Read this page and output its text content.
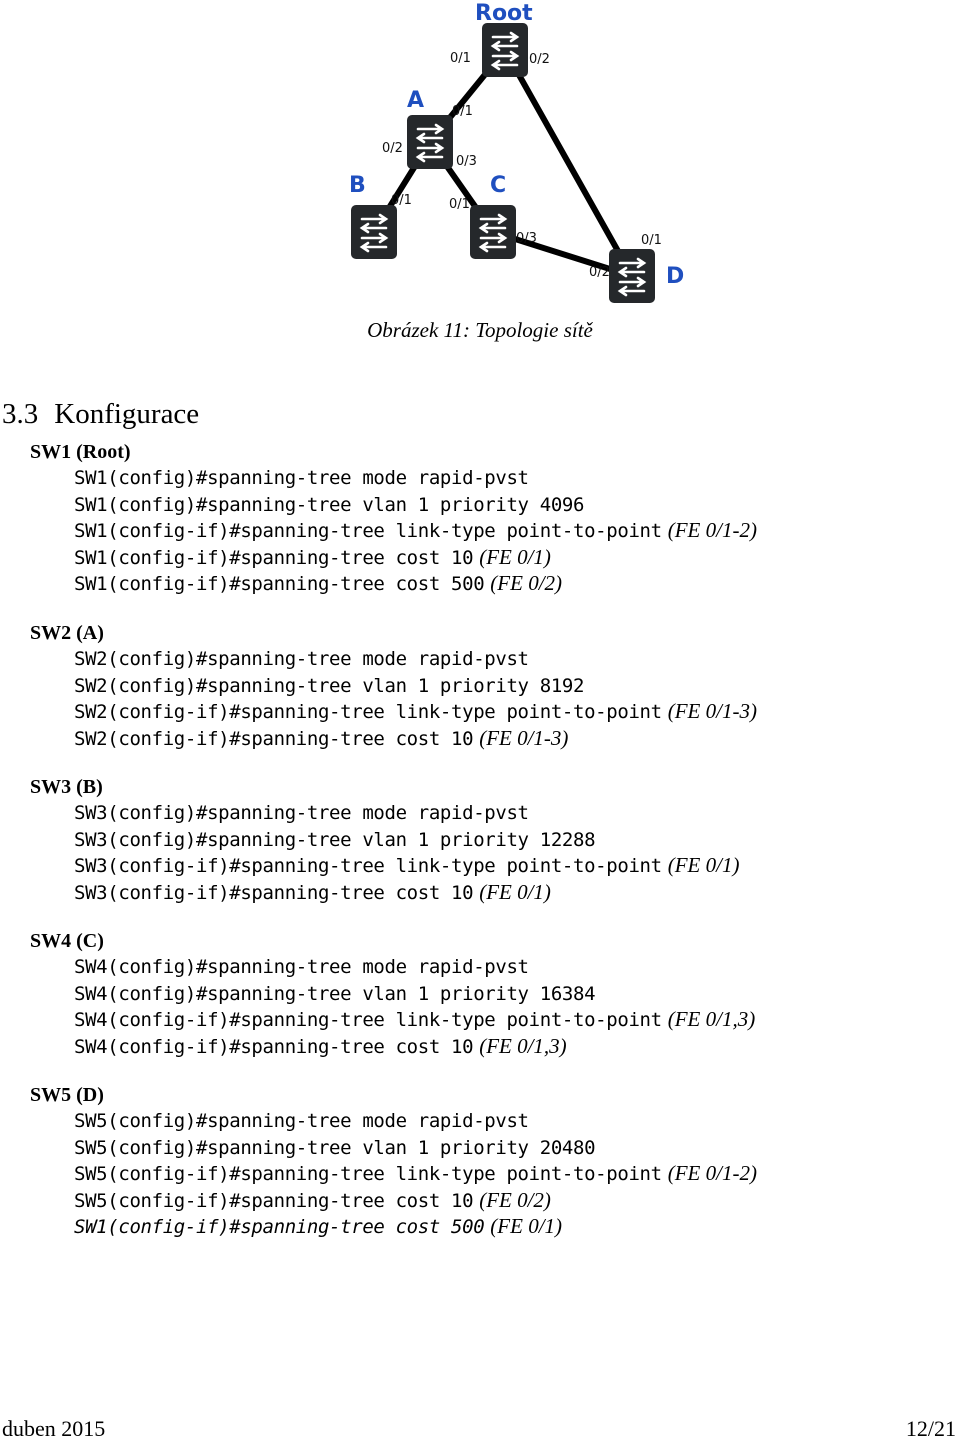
Root
A
B	C
D
0/1	0/2
0/1
0/2
0/3
0/1	0/1
0/3	0/1
0/2
Obrázek 11: Topologie sítě
3.3 Konfigurace
SW1 (Root)
SW1(config)#spanning-tree mode rapid-pvst
SW1(config)#spanning-tree vlan 1 priority 4096
SW1(config-if)#spanning-tree link-type point-to-point (FE 0/1-2)
SW1(config-if)#spanning-tree cost 10 (FE 0/1)
SW1(config-if)#spanning-tree cost 500 (FE 0/2)
SW2 (A)
SW2(config)#spanning-tree mode rapid-pvst
SW2(config)#spanning-tree vlan 1 priority 8192
SW2(config-if)#spanning-tree link-type point-to-point (FE 0/1-3)
SW2(config-if)#spanning-tree cost 10 (FE 0/1-3)
SW3 (B)
SW3(config)#spanning-tree mode rapid-pvst
SW3(config)#spanning-tree vlan 1 priority 12288
SW3(config-if)#spanning-tree link-type point-to-point (FE 0/1)
SW3(config-if)#spanning-tree cost 10 (FE 0/1)
SW4 (C)
SW4(config)#spanning-tree mode rapid-pvst
SW4(config)#spanning-tree vlan 1 priority 16384
SW4(config-if)#spanning-tree link-type point-to-point (FE 0/1,3)
SW4(config-if)#spanning-tree cost 10 (FE 0/1,3)
SW5 (D)
SW5(config)#spanning-tree mode rapid-pvst
SW5(config)#spanning-tree vlan 1 priority 20480
SW5(config-if)#spanning-tree link-type point-to-point (FE 0/1-2)
SW5(config-if)#spanning-tree cost 10 (FE 0/2)
SW1(config-if)#spanning-tree cost 500 (FE 0/1)
duben 2015	12/21
